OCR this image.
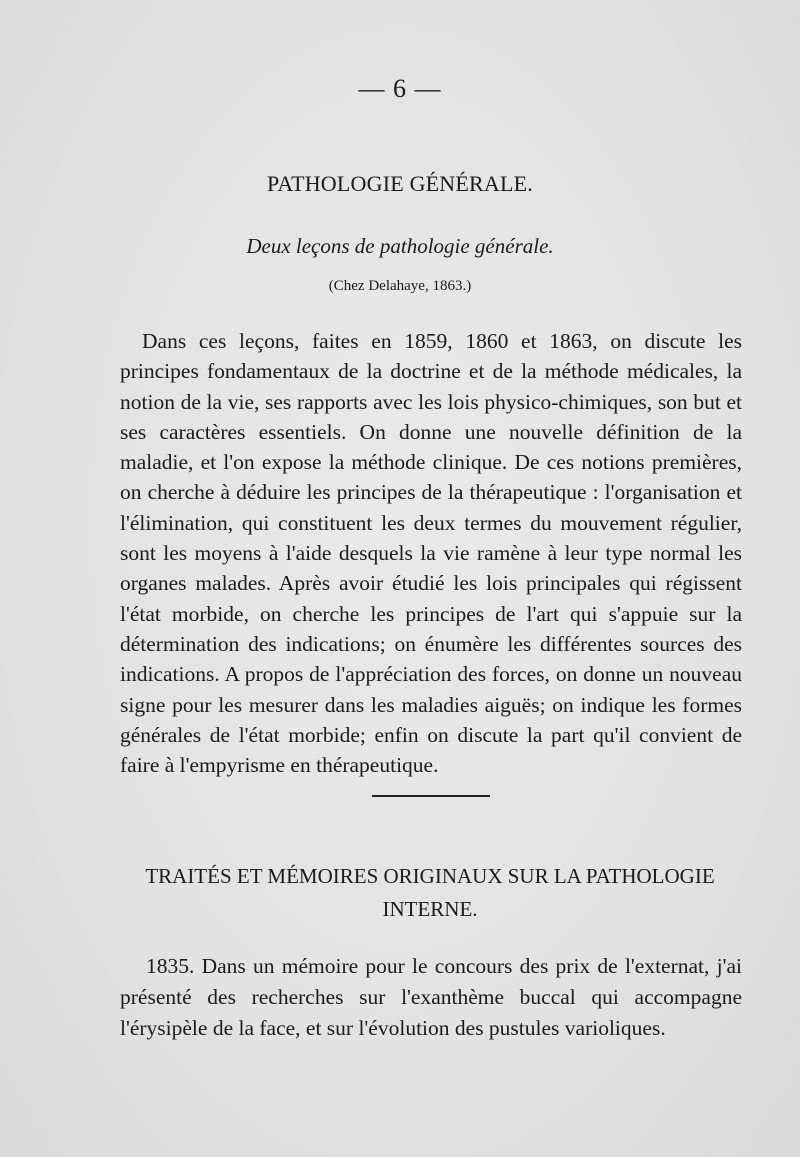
— 6 —
PATHOLOGIE GÉNÉRALE.
Deux leçons de pathologie générale.
(Chez Delahaye, 1863.)

Dans ces leçons, faites en 1859, 1860 et 1863, on discute les principes fondamentaux de la doctrine et de la méthode médicales, la notion de la vie, ses rapports avec les lois physico-chimiques, son but et ses caractères essentiels. On donne une nouvelle définition de la maladie, et l'on expose la méthode clinique. De ces notions premières, on cherche à déduire les principes de la thérapeutique : l'organisation et l'élimination, qui constituent les deux termes du mouvement régulier, sont les moyens à l'aide desquels la vie ramène à leur type normal les organes malades. Après avoir étudié les lois principales qui régissent l'état morbide, on cherche les principes de l'art qui s'appuie sur la détermination des indications; on énumère les différentes sources des indications. A propos de l'appréciation des forces, on donne un nouveau signe pour les mesurer dans les maladies aiguës; on indique les formes générales de l'état morbide; enfin on discute la part qu'il convient de faire à l'empyrisme en thérapeutique.

TRAITÉS ET MÉMOIRES ORIGINAUX SUR LA PATHOLOGIE INTERNE.

1835. Dans un mémoire pour le concours des prix de l'externat, j'ai présenté des recherches sur l'exanthème buccal qui accompagne l'érysipèle de la face, et sur l'évolution des pustules varioliques.
